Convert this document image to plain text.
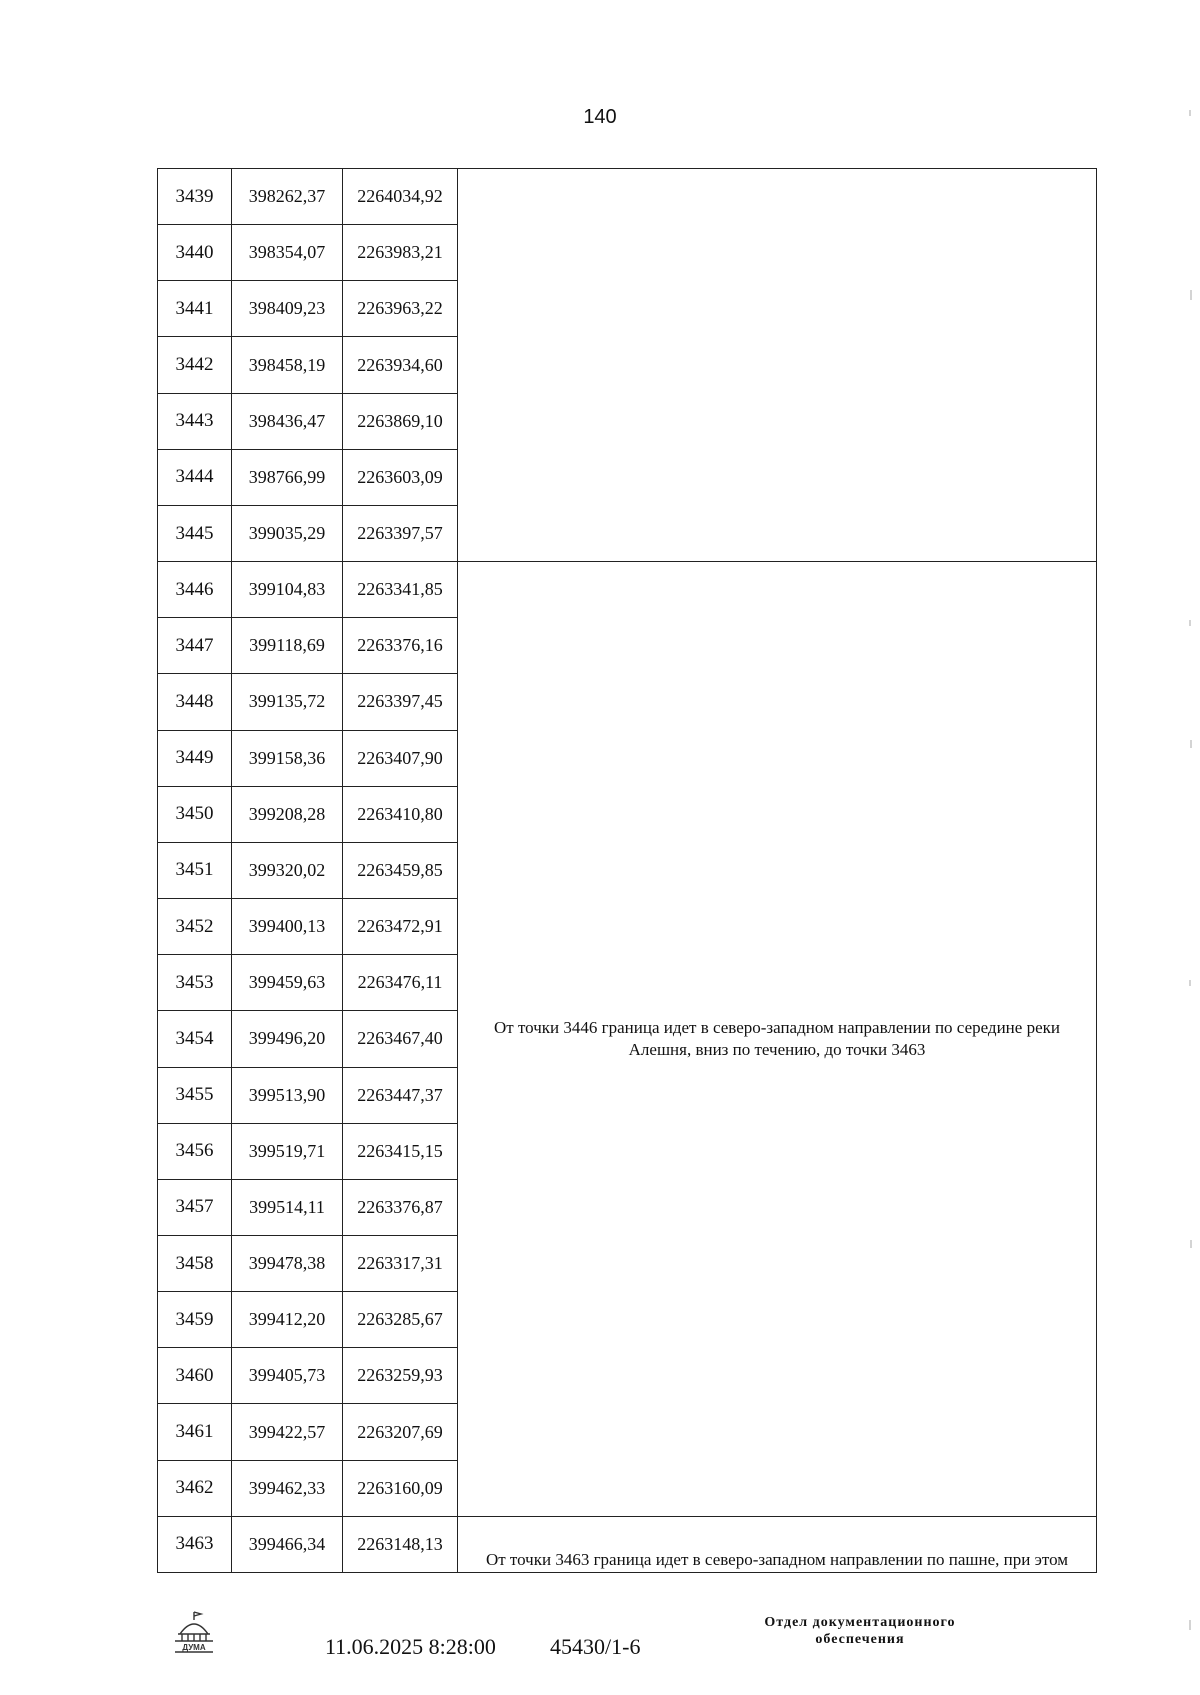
140
3439	398262,37	2264034,92	
3440	398354,07	2263983,21	
3441	398409,23	2263963,22	
3442	398458,19	2263934,60	
3443	398436,47	2263869,10	
3444	398766,99	2263603,09	
3445	399035,29	2263397,57	
3446	399104,83	2263341,85	От точки 3446 граница идет в северо-западном направлении по середине реки Алешня, вниз по течению, до точки 3463
3447	399118,69	2263376,16	
3448	399135,72	2263397,45	
3449	399158,36	2263407,90	
3450	399208,28	2263410,80	
3451	399320,02	2263459,85	
3452	399400,13	2263472,91	
3453	399459,63	2263476,11	
3454	399496,20	2263467,40	
3455	399513,90	2263447,37	
3456	399519,71	2263415,15	
3457	399514,11	2263376,87	
3458	399478,38	2263317,31	
3459	399412,20	2263285,67	
3460	399405,73	2263259,93	
3461	399422,57	2263207,69	
3462	399462,33	2263160,09	
3463	399466,34	2263148,13	От точки 3463 граница идет в северо-западном направлении по пашне, при этом
ДУМА	11.06.2025 8:28:00 45430/1-6
Отдел документационного
обеспечения
